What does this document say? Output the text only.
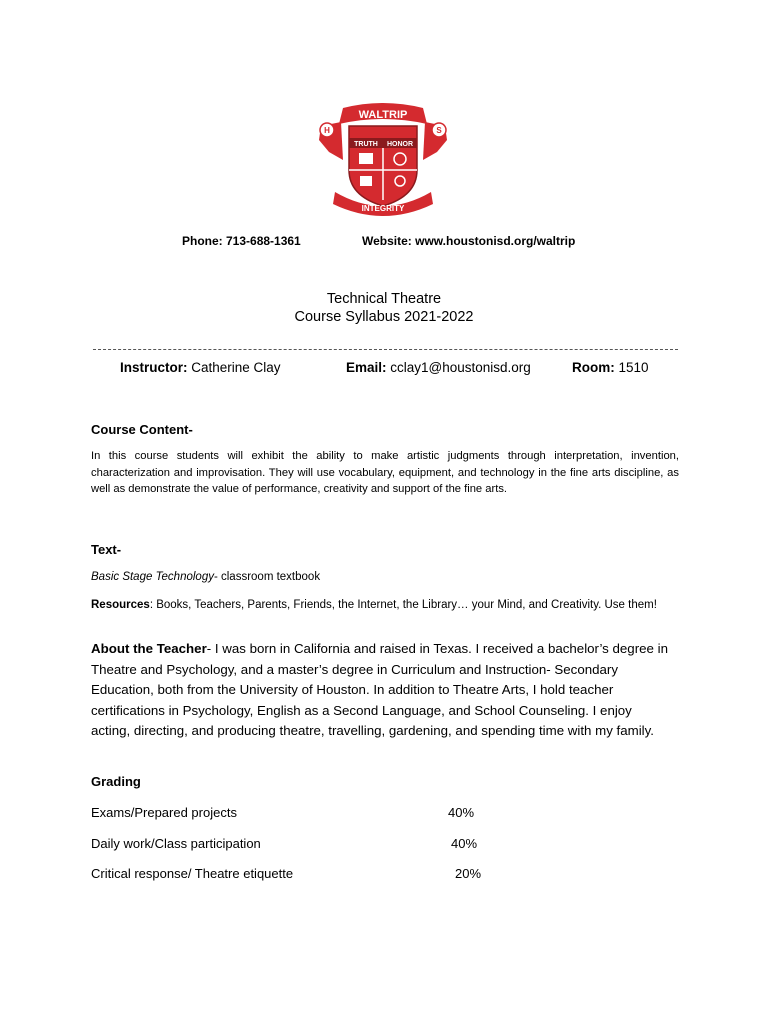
H	S
WALTRIP
TRUTH HONOR
INTEGRITY
Phone: 713-688-1361	Website: www.houstonisd.org/waltrip
Technical Theatre
Course Syllabus 2021-2022
Instructor: Catherine Clay	Email: cclay1@houstonisd.org	Room: 1510
Course Content-
In this course students will exhibit the ability to make artistic judgments through interpretation, invention, characterization and improvisation. They will use vocabulary, equipment, and technology in the fine arts discipline, as well as demonstrate the value of performance, creativity and support of the fine arts.
Text-
Basic Stage Technology- classroom textbook
Resources: Books, Teachers, Parents, Friends, the Internet, the Library… your Mind, and Creativity. Use them!
About the Teacher- I was born in California and raised in Texas. I received a bachelor’s degree in Theatre and Psychology, and a master’s degree in Curriculum and Instruction- Secondary Education, both from the University of Houston. In addition to Theatre Arts, I hold teacher certifications in Psychology, English as a Second Language, and School Counseling. I enjoy acting, directing, and producing theatre, travelling, gardening, and spending time with my family.
Grading
Exams/Prepared projects	40%
Daily work/Class participation	40%
Critical response/ Theatre etiquette	20%
